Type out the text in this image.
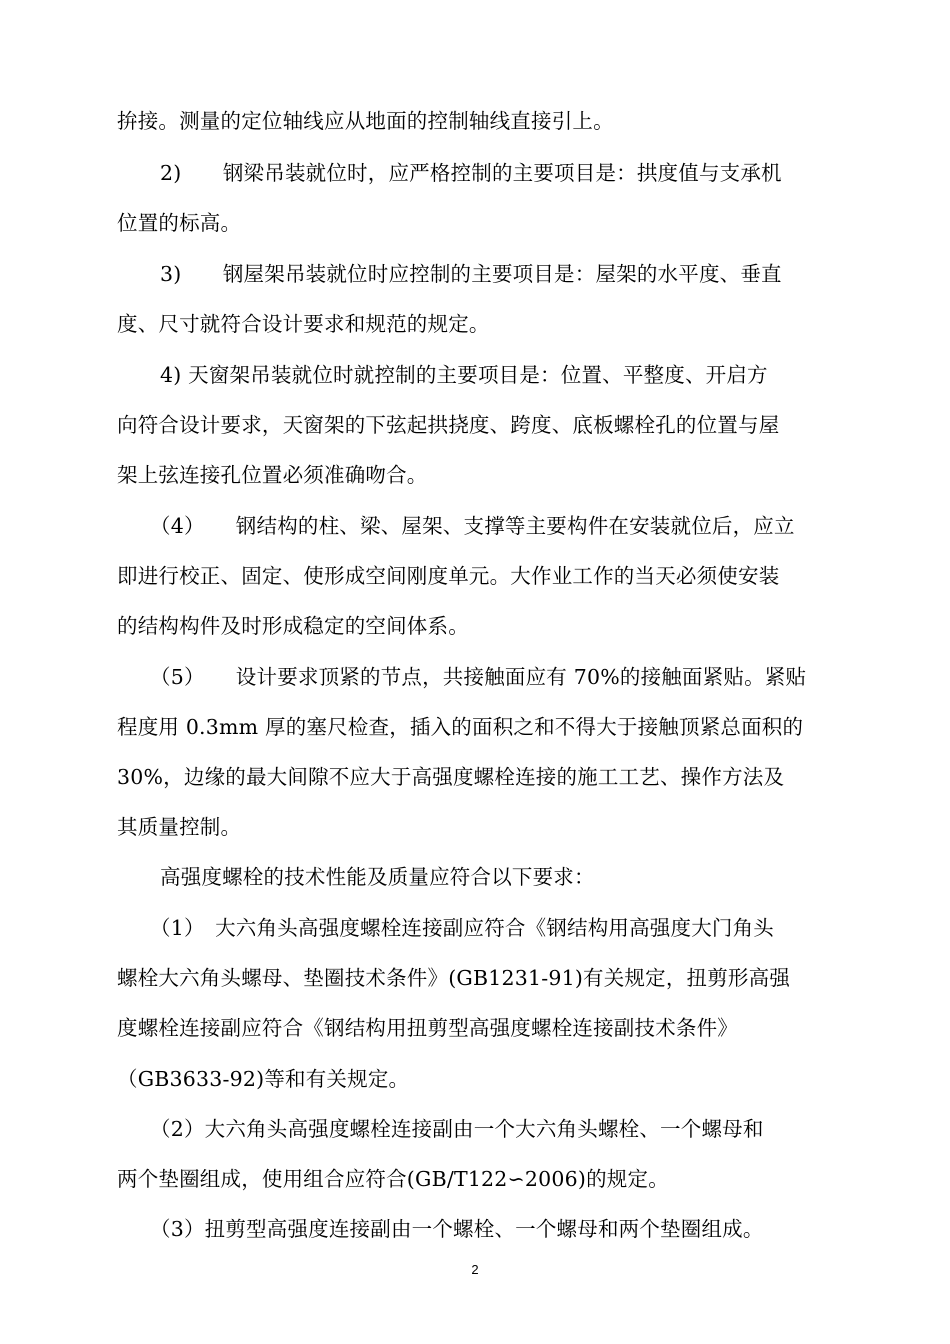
拚接。测量的定位轴线应从地面的控制轴线直接引上。
2)　　钢梁吊装就位时，应严格控制的主要项目是：拱度值与支承机
位置的标高。
3)　　钢屋架吊装就位时应控制的主要项目是：屋架的水平度、垂直
度、尺寸就符合设计要求和规范的规定。
4) 天窗架吊装就位时就控制的主要项目是：位置、平整度、开启方
向符合设计要求，天窗架的下弦起拱挠度、跨度、底板螺栓孔的位置与屋
架上弦连接孔位置必须准确吻合。
（4）　　钢结构的柱、梁、屋架、支撑等主要构件在安装就位后，应立
即进行校正、固定、使形成空间刚度单元。大作业工作的当天必须使安装
的结构构件及时形成稳定的空间体系。
（5）　　设计要求顶紧的节点，共接触面应有 70%的接触面紧贴。紧贴
程度用 0.3mm 厚的塞尺检查，插入的面积之和不得大于接触顶紧总面积的
30%，边缘的最大间隙不应大于高强度螺栓连接的施工工艺、操作方法及
其质量控制。
高强度螺栓的技术性能及质量应符合以下要求：
（1）　大六角头高强度螺栓连接副应符合《钢结构用高强度大门角头
螺栓大六角头螺母、垫圈技术条件》(GB1231-91)有关规定，扭剪形高强
度螺栓连接副应符合《钢结构用扭剪型高强度螺栓连接副技术条件》
（GB3633-92)等和有关规定。
（2）大六角头高强度螺栓连接副由一个大六角头螺栓、一个螺母和
两个垫圈组成，使用组合应符合(GB/T122∽2006)的规定。
（3）扭剪型高强度连接副由一个螺栓、一个螺母和两个垫圈组成。
2
